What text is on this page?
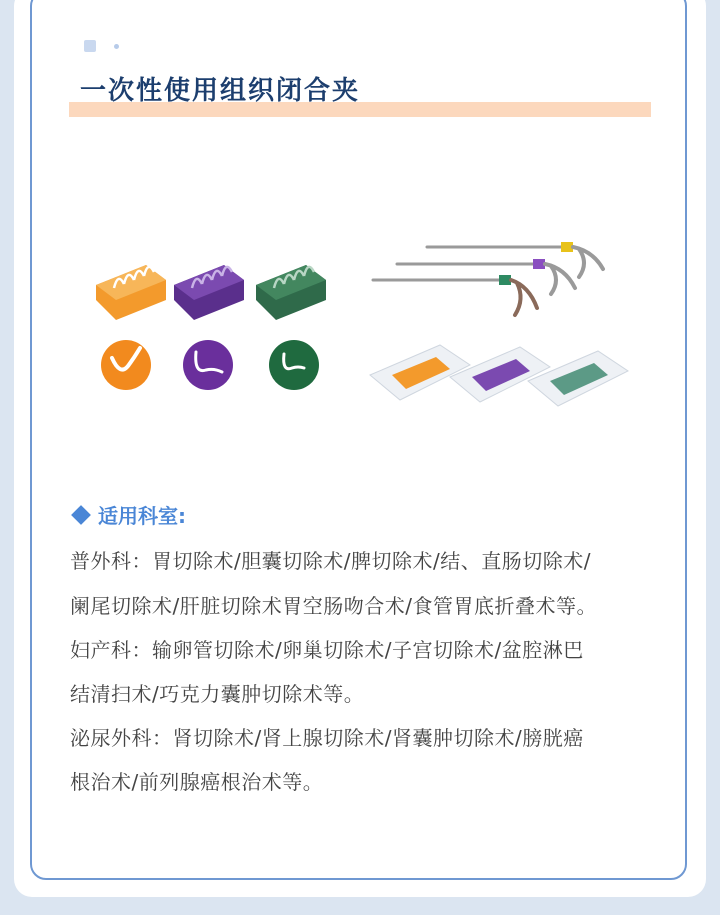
一次性使用组织闭合夹
适用科室:
普外科：胃切除术/胆囊切除术/脾切除术/结、直肠切除术/
阑尾切除术/肝脏切除术胃空肠吻合术/食管胃底折叠术等。
妇产科：输卵管切除术/卵巢切除术/子宫切除术/盆腔淋巴
结清扫术/巧克力囊肿切除术等。
泌尿外科：肾切除术/肾上腺切除术/肾囊肿切除术/膀胱癌
根治术/前列腺癌根治术等。
